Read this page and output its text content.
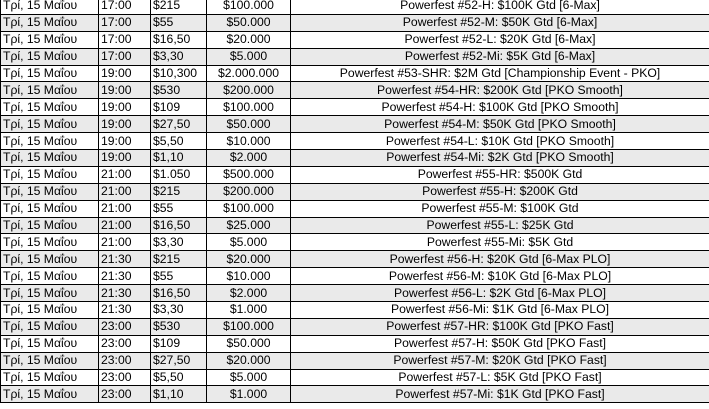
Τρί, 15 Μαΐου	17:00	$215	$100.000	Powerfest #52-H: $100K Gtd [6-Max]
Τρί, 15 Μαΐου	17:00	$55	$50.000	Powerfest #52-M: $50K Gtd [6-Max]
Τρί, 15 Μαΐου	17:00	$16,50	$20.000	Powerfest #52-L: $20K Gtd [6-Max]
Τρί, 15 Μαΐου	17:00	$3,30	$5.000	Powerfest #52-Mi: $5K Gtd [6-Max]
Τρί, 15 Μαΐου	19:00	$10,300	$2.000.000	Powerfest #53-SHR: $2M Gtd [Championship Event - PKO]
Τρί, 15 Μαΐου	19:00	$530	$200.000	Powerfest #54-HR: $200K Gtd [PKO Smooth]
Τρί, 15 Μαΐου	19:00	$109	$100.000	Powerfest #54-H: $100K Gtd [PKO Smooth]
Τρί, 15 Μαΐου	19:00	$27,50	$50.000	Powerfest #54-M: $50K Gtd [PKO Smooth]
Τρί, 15 Μαΐου	19:00	$5,50	$10.000	Powerfest #54-L: $10K Gtd [PKO Smooth]
Τρί, 15 Μαΐου	19:00	$1,10	$2.000	Powerfest #54-Mi: $2K Gtd [PKO Smooth]
Τρί, 15 Μαΐου	21:00	$1.050	$500.000	Powerfest #55-HR: $500K Gtd
Τρί, 15 Μαΐου	21:00	$215	$200.000	Powerfest #55-H: $200K Gtd
Τρί, 15 Μαΐου	21:00	$55	$100.000	Powerfest #55-M: $100K Gtd
Τρί, 15 Μαΐου	21:00	$16,50	$25.000	Powerfest #55-L: $25K Gtd
Τρί, 15 Μαΐου	21:00	$3,30	$5.000	Powerfest #55-Mi: $5K Gtd
Τρί, 15 Μαΐου	21:30	$215	$20.000	Powerfest #56-H: $20K Gtd [6-Max PLO]
Τρί, 15 Μαΐου	21:30	$55	$10.000	Powerfest #56-M: $10K Gtd [6-Max PLO]
Τρί, 15 Μαΐου	21:30	$16,50	$2.000	Powerfest #56-L: $2K Gtd [6-Max PLO]
Τρί, 15 Μαΐου	21:30	$3,30	$1.000	Powerfest #56-Mi: $1K Gtd [6-Max PLO]
Τρί, 15 Μαΐου	23:00	$530	$100.000	Powerfest #57-HR: $100K Gtd [PKO Fast]
Τρί, 15 Μαΐου	23:00	$109	$50.000	Powerfest #57-H: $50K Gtd [PKO Fast]
Τρί, 15 Μαΐου	23:00	$27,50	$20.000	Powerfest #57-M: $20K Gtd [PKO Fast]
Τρί, 15 Μαΐου	23:00	$5,50	$5.000	Powerfest #57-L: $5K Gtd [PKO Fast]
Τρί, 15 Μαΐου	23:00	$1,10	$1.000	Powerfest #57-Mi: $1K Gtd [PKO Fast]
